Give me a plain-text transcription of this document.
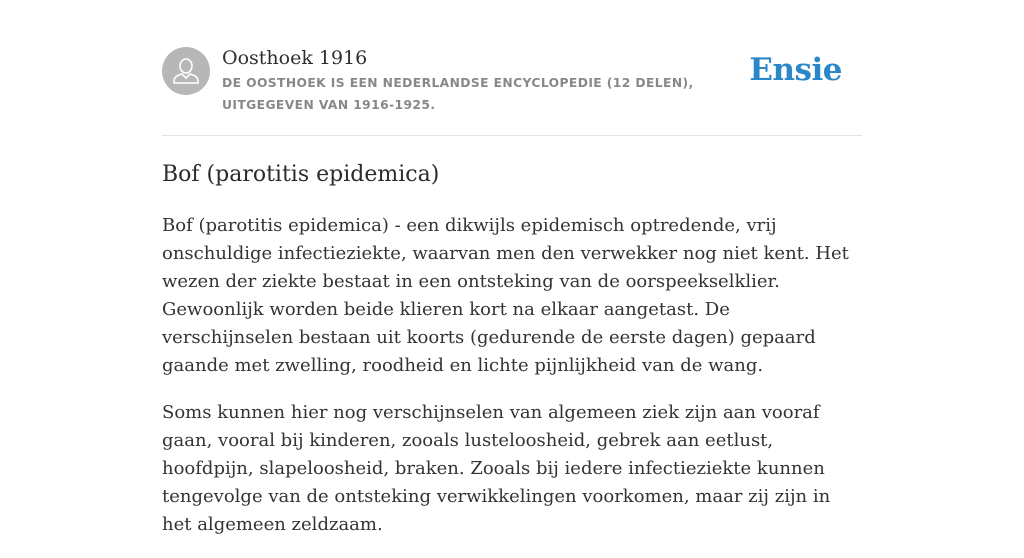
Oosthoek 1916
DE OOSTHOEK IS EEN NEDERLANDSE ENCYCLOPEDIE (12 DELEN), UITGEGEVEN VAN 1916-1925.
Ensie
Bof (parotitis epidemica)

Bof (parotitis epidemica) - een dikwijls epidemisch optredende, vrij onschuldige infectieziekte, waarvan men den verwekker nog niet kent. Het wezen der ziekte bestaat in een ontsteking van de oorspeekselklier. Gewoonlijk worden beide klieren kort na elkaar aangetast. De verschijnselen bestaan uit koorts (gedurende de eerste dagen) gepaard gaande met zwelling, roodheid en lichte pijnlijkheid van de wang.

Soms kunnen hier nog verschijnselen van algemeen ziek zijn aan vooraf gaan, vooral bij kinderen, zooals lusteloosheid, gebrek aan eetlust, hoofdpijn, slapeloosheid, braken. Zooals bij iedere infectieziekte kunnen tengevolge van de ontsteking verwikkelingen voorkomen, maar zij zijn in het algemeen zeldzaam.
